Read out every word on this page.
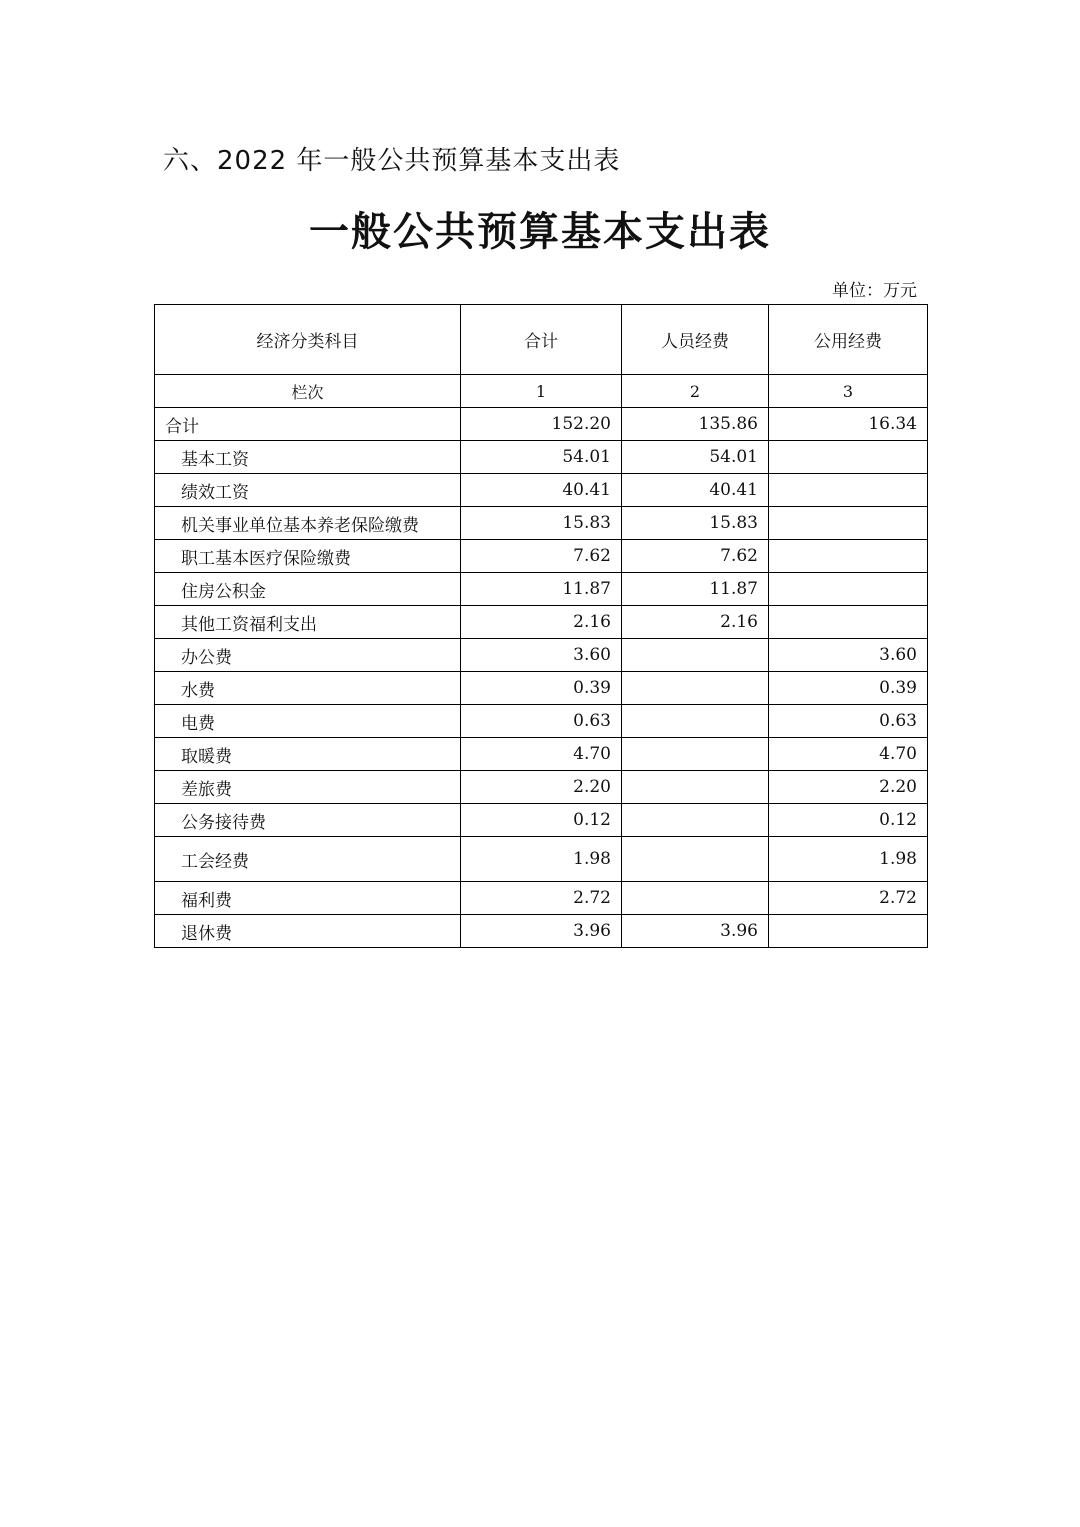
六、2022 年一般公共预算基本支出表
一般公共预算基本支出表
单位：万元
经济分类科目	合计	人员经费	公用经费
栏次	1	2	3
合计	152.20	135.86	16.34
基本工资	54.01	54.01	
绩效工资	40.41	40.41	
机关事业单位基本养老保险缴费	15.83	15.83	
职工基本医疗保险缴费	7.62	7.62	
住房公积金	11.87	11.87	
其他工资福利支出	2.16	2.16	
办公费	3.60		3.60
水费	0.39		0.39
电费	0.63		0.63
取暖费	4.70		4.70
差旅费	2.20		2.20
公务接待费	0.12		0.12
工会经费	1.98		1.98
福利费	2.72		2.72
退休费	3.96	3.96	
